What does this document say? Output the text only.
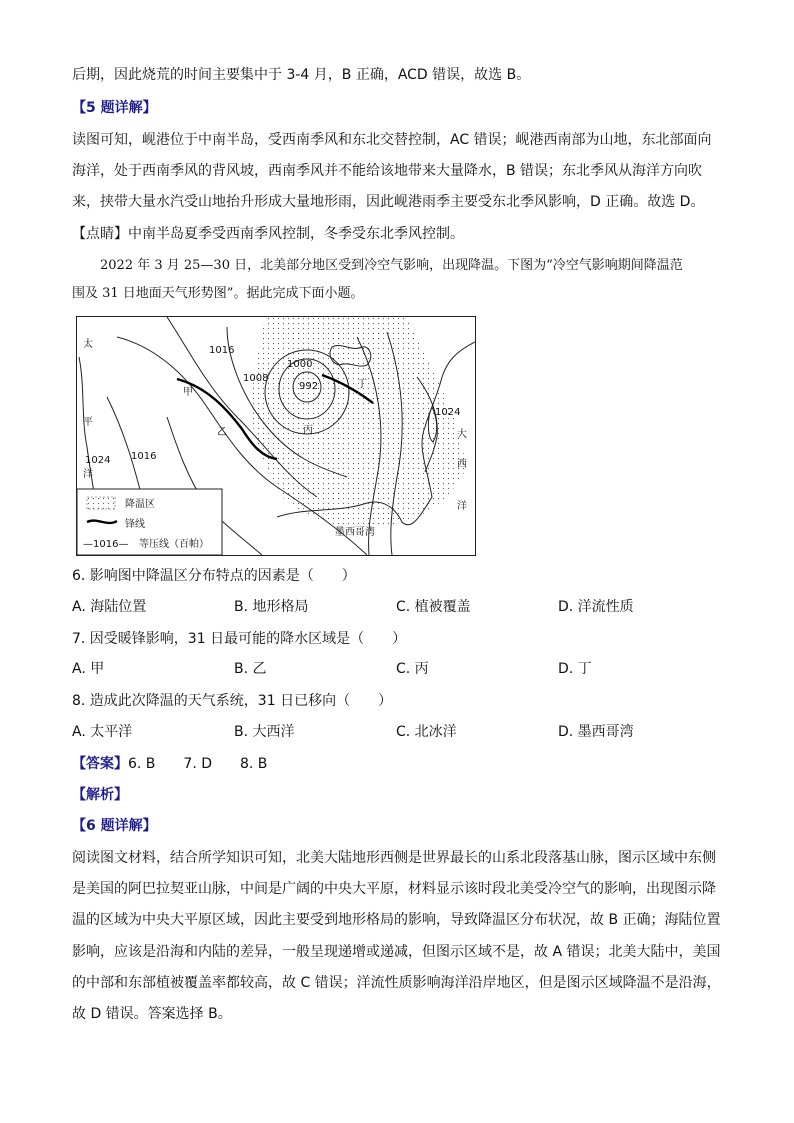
后期，因此烧荒的时间主要集中于 3-4 月，B 正确，ACD 错误，故选 B。
【5 题详解】
读图可知，岘港位于中南半岛，受西南季风和东北交替控制，AC 错误；岘港西南部为山地，东北部面向
海洋，处于西南季风的背风坡，西南季风并不能给该地带来大量降水，B 错误；东北季风从海洋方向吹
来，挟带大量水汽受山地抬升形成大量地形雨，因此岘港雨季主要受东北季风影响，D 正确。故选 D。
【点睛】中南半岛夏季受西南季风控制，冬季受东北季风控制。
2022 年 3 月 25—30 日，北美部分地区受到冷空气影响，出现降温。下图为“冷空气影响期间降温范
围及 31 日地面天气形势图”。据此完成下面小题。
太
平
洋
1016
1008
1000
992
1016
1024
1024
甲
乙	丙
丁
大
西
洋
墨西哥湾
降温区
锋线
—1016— 等压线（百帕）
6. 影响图中降温区分布特点的因素是（　　）
A. 海陆位置	B. 地形格局	C. 植被覆盖	D. 洋流性质
7. 因受暖锋影响，31 日最可能的降水区域是（　　）
A. 甲	B. 乙	C. 丙	D. 丁
8. 造成此次降温的天气系统，31 日已移向（　　）
A. 太平洋	B. 大西洋	C. 北冰洋	D. 墨西哥湾
【答案】6. B　　7. D　　8. B
【解析】
【6 题详解】
阅读图文材料，结合所学知识可知，北美大陆地形西侧是世界最长的山系北段落基山脉，图示区域中东侧
是美国的阿巴拉契亚山脉，中间是广阔的中央大平原，材料显示该时段北美受冷空气的影响，出现图示降
温的区域为中央大平原区域，因此主要受到地形格局的影响，导致降温区分布状况，故 B 正确；海陆位置
影响，应该是沿海和内陆的差异，一般呈现递增或递减，但图示区域不是，故 A 错误；北美大陆中，美国
的中部和东部植被覆盖率都较高，故 C 错误；洋流性质影响海洋沿岸地区，但是图示区域降温不是沿海，
故 D 错误。答案选择 B。
